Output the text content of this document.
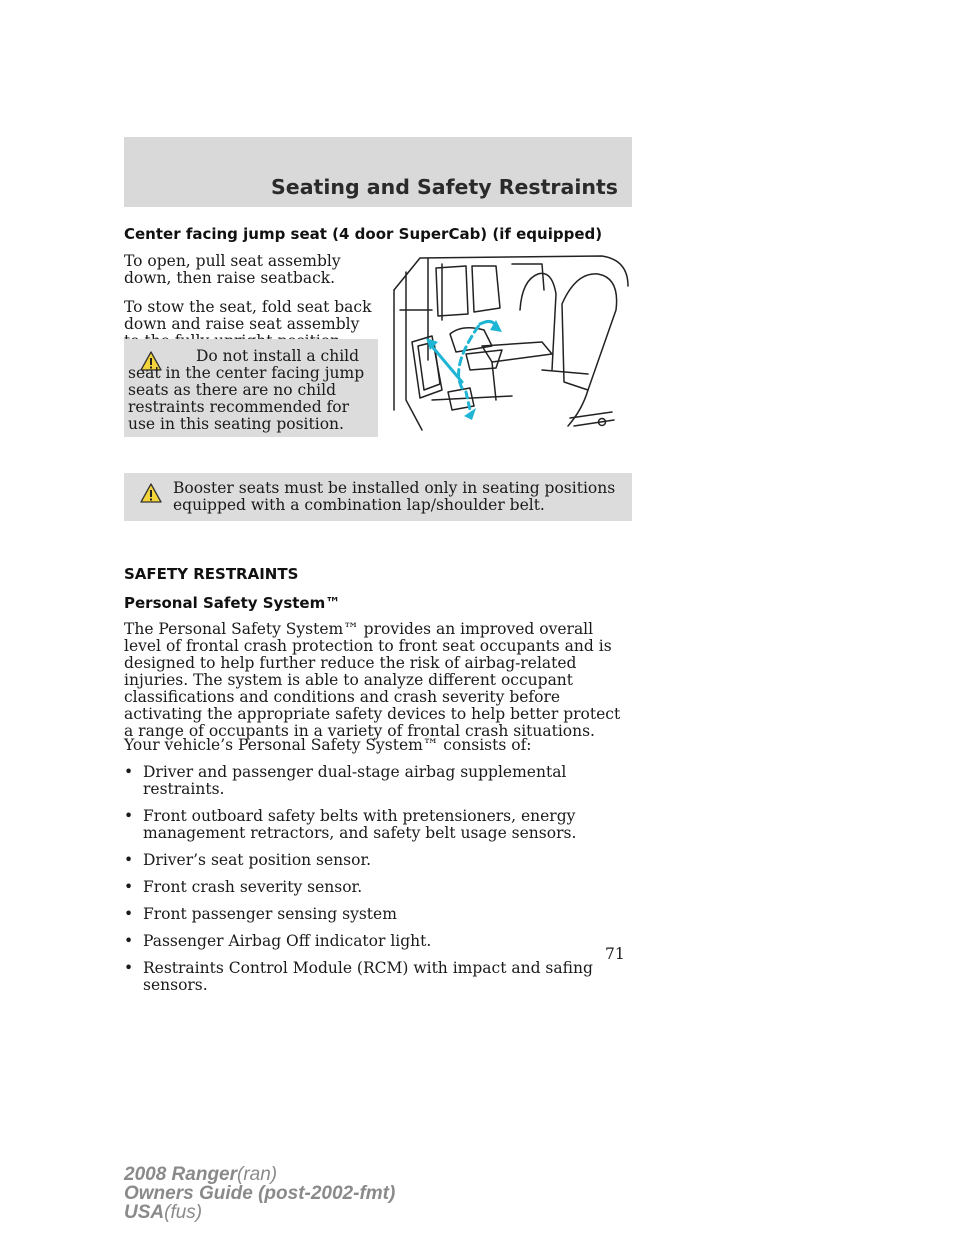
Seating and Safety Restraints
Center facing jump seat (4 door SuperCab) (if equipped)

To open, pull seat assembly down, then raise seatback.

To stow the seat, fold seat back down and raise seat assembly

Do not install a child seat in the center facing jump seats as there are no child restraints recommended for use in this seating position.

Booster seats must be installed only in seating positions equipped with a combination lap/shoulder belt.

SAFETY RESTRAINTS
Personal Safety System™

The Personal Safety System™ provides an improved overall level of frontal crash protection to front seat occupants and is designed to help further reduce the risk of airbag-related injuries. The system is able to analyze different occupant classifications and conditions and crash severity before activating the appropriate safety devices to help better protect a range of occupants in a variety of frontal crash situations.

Your vehicle’s Personal Safety System™ consists of:

• Driver and passenger dual-stage airbag supplemental restraints.
• Front outboard safety belts with pretensioners, energy management retractors, and safety belt usage sensors.
• Driver’s seat position sensor.
• Front crash severity sensor.
• Front passenger sensing system
• Passenger Airbag Off indicator light.
• Restraints Control Module (RCM) with impact and safing sensors.
71
2008 Ranger(ran)
Owners Guide (post-2002-fmt)
USA(fus)
